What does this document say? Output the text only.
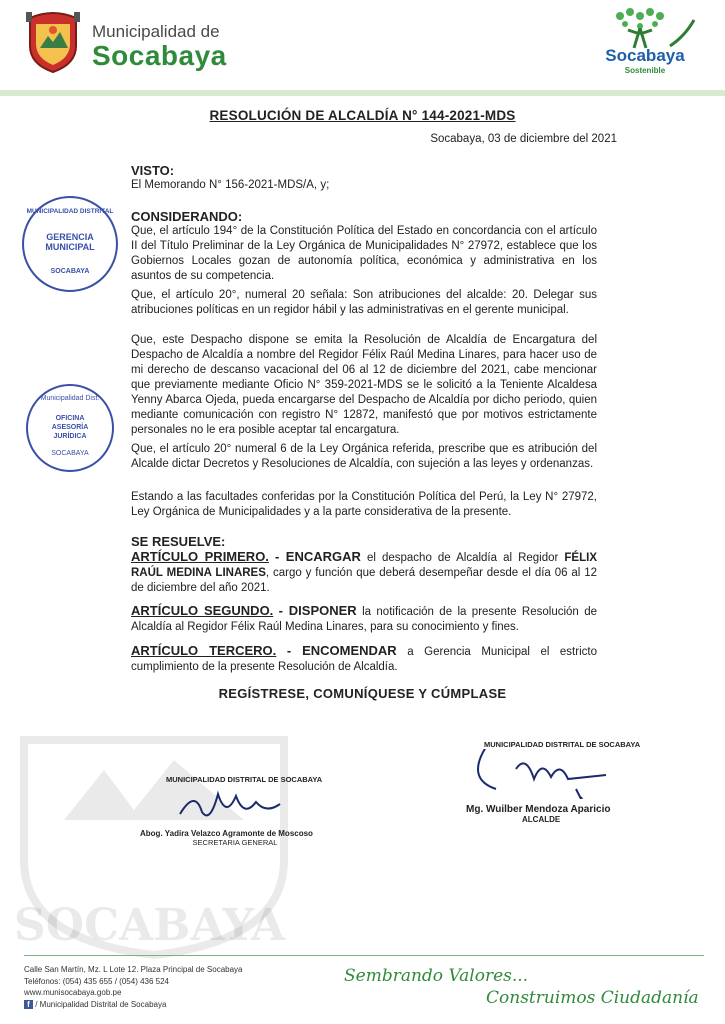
Municipalidad de
Socabaya	Socabaya
Sostenible
RESOLUCIÓN DE ALCALDÍA N° 144-2021-MDS
Socabaya, 03 de diciembre del 2021
VISTO:
El Memorando N° 156-2021-MDS/A, y;
CONSIDERANDO:
Que, el artículo 194° de la Constitución Política del Estado en concordancia con el artículo II del Título Preliminar de la Ley Orgánica de Municipalidades N° 27972, establece que los Gobiernos Locales gozan de autonomía política, económica y administrativa en los asuntos de su competencia.
Que, el artículo 20°, numeral 20 señala: Son atribuciones del alcalde: 20. Delegar sus atribuciones políticas en un regidor hábil y las administrativas en el gerente municipal.
Que, este Despacho dispone se emita la Resolución de Alcaldía de Encargatura del Despacho de Alcaldía a nombre del Regidor Félix Raúl Medina Linares, para hacer uso de mi derecho de descanso vacacional del 06 al 12 de diciembre del 2021, cabe mencionar que previamente mediante Oficio N° 359-2021-MDS se le solicitó a la Teniente Alcaldesa Yenny Abarca Ojeda, pueda encargarse del Despacho de Alcaldía por dicho periodo, quien mediante comunicación con registro N° 12872, manifestó que por motivos estrictamente personales no le era posible aceptar tal encargatura.
Que, el artículo 20° numeral 6 de la Ley Orgánica referida, prescribe que es atribución del Alcalde dictar Decretos y Resoluciones de Alcaldía, con sujeción a las leyes y ordenanzas.
Estando a las facultades conferidas por la Constitución Política del Perú, la Ley N° 27972, Ley Orgánica de Municipalidades y a la parte considerativa de la presente.
SE RESUELVE:
ARTÍCULO PRIMERO. - ENCARGAR el despacho de Alcaldía al Regidor FÉLIX RAÚL MEDINA LINARES, cargo y función que deberá desempeñar desde el día 06 al 12 de diciembre del año 2021.
ARTÍCULO SEGUNDO. - DISPONER la notificación de la presente Resolución de Alcaldía al Regidor Félix Raúl Medina Linares, para su conocimiento y fines.
ARTÍCULO TERCERO. - ENCOMENDAR a Gerencia Municipal el estricto cumplimiento de la presente Resolución de Alcaldía.
REGÍSTRESE, COMUNÍQUESE Y CÚMPLASE
MUNICIPALIDAD DISTRITAL
GERENCIA MUNICIPAL
SOCABAYA
Municipalidad Dist.
OFICINA ASESORÍA JURÍDICA
SOCABAYA
SOCABAYA
MUNICIPALIDAD DISTRITAL DE SOCABAYA
Abog. Yadira Velazco Agramonte de Moscoso
SECRETARIA GENERAL
MUNICIPALIDAD DISTRITAL DE SOCABAYA
Mg. Wuilber Mendoza Aparicio
ALCALDE
Calle San Martín, Mz. L Lote 12. Plaza Principal de Socabaya
Teléfonos: (054) 435 655 / (054) 436 524
www.munisocabaya.gob.pe
f / Municipalidad Distrital de Socabaya
Sembrando Valores...
Construimos Ciudadanía
